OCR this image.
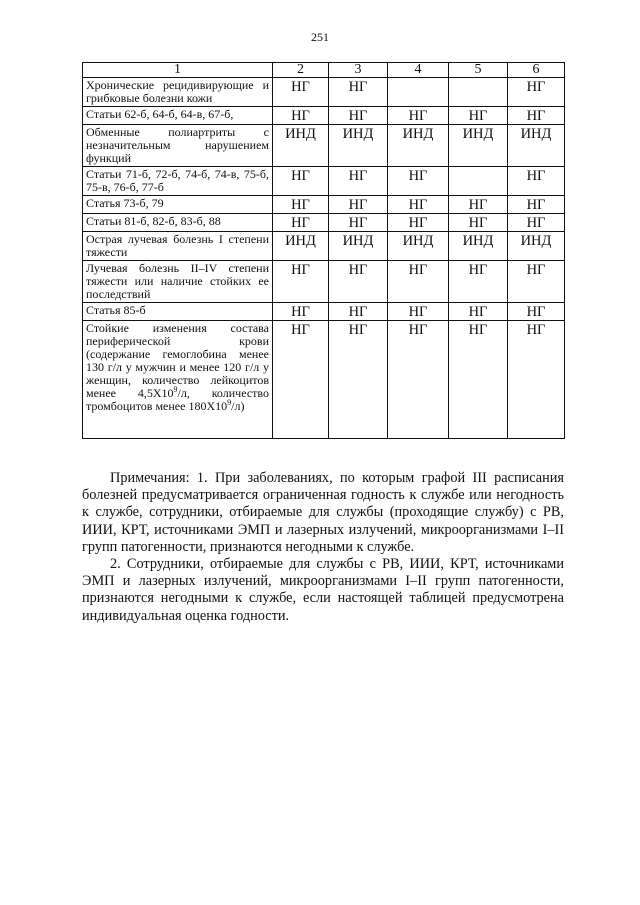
251
1	2	3	4	5	6
Хронические рецидивирующие и грибковые болезни кожи	НГ	НГ			НГ
Статьи 62-б, 64-б, 64-в, 67-б,	НГ	НГ	НГ	НГ	НГ
Обменные полиартриты с незначительным нарушением функций	ИНД	ИНД	ИНД	ИНД	ИНД
Статьи 71-б, 72-б, 74-б, 74-в, 75-б, 75-в, 76-б, 77-б	НГ	НГ	НГ		НГ
Статья 73-б, 79	НГ	НГ	НГ	НГ	НГ
Статьи 81-б, 82-б, 83-б, 88	НГ	НГ	НГ	НГ	НГ
Острая лучевая болезнь I степени тяжести	ИНД	ИНД	ИНД	ИНД	ИНД
Лучевая болезнь II–IV степени тяжести или наличие стойких ее последствий	НГ	НГ	НГ	НГ	НГ
Статья 85-б	НГ	НГ	НГ	НГ	НГ
Стойкие изменения состава периферической крови (содержание гемоглобина менее 130 г/л у мужчин и менее 120 г/л у женщин, количество лейкоцитов менее $4,5Х10^9/л$, количество тромбоцитов менее $180Х10^9/л$)	НГ	НГ	НГ	НГ	НГ

Примечания: 1. При заболеваниях, по которым графой III расписания болезней предусматривается ограниченная годность к службе или негодность к службе, сотрудники, отбираемые для службы (проходящие службу) с РВ, ИИИ, КРТ, источниками ЭМП и лазерных излучений, микроорганизмами I–II групп патогенности, признаются негодными к службе.

2. Сотрудники, отбираемые для службы с РВ, ИИИ, КРТ, источниками ЭМП и лазерных излучений, микроорганизмами I–II групп патогенности, признаются негодными к службе, если настоящей таблицей предусмотрена индивидуальная оценка годности.
